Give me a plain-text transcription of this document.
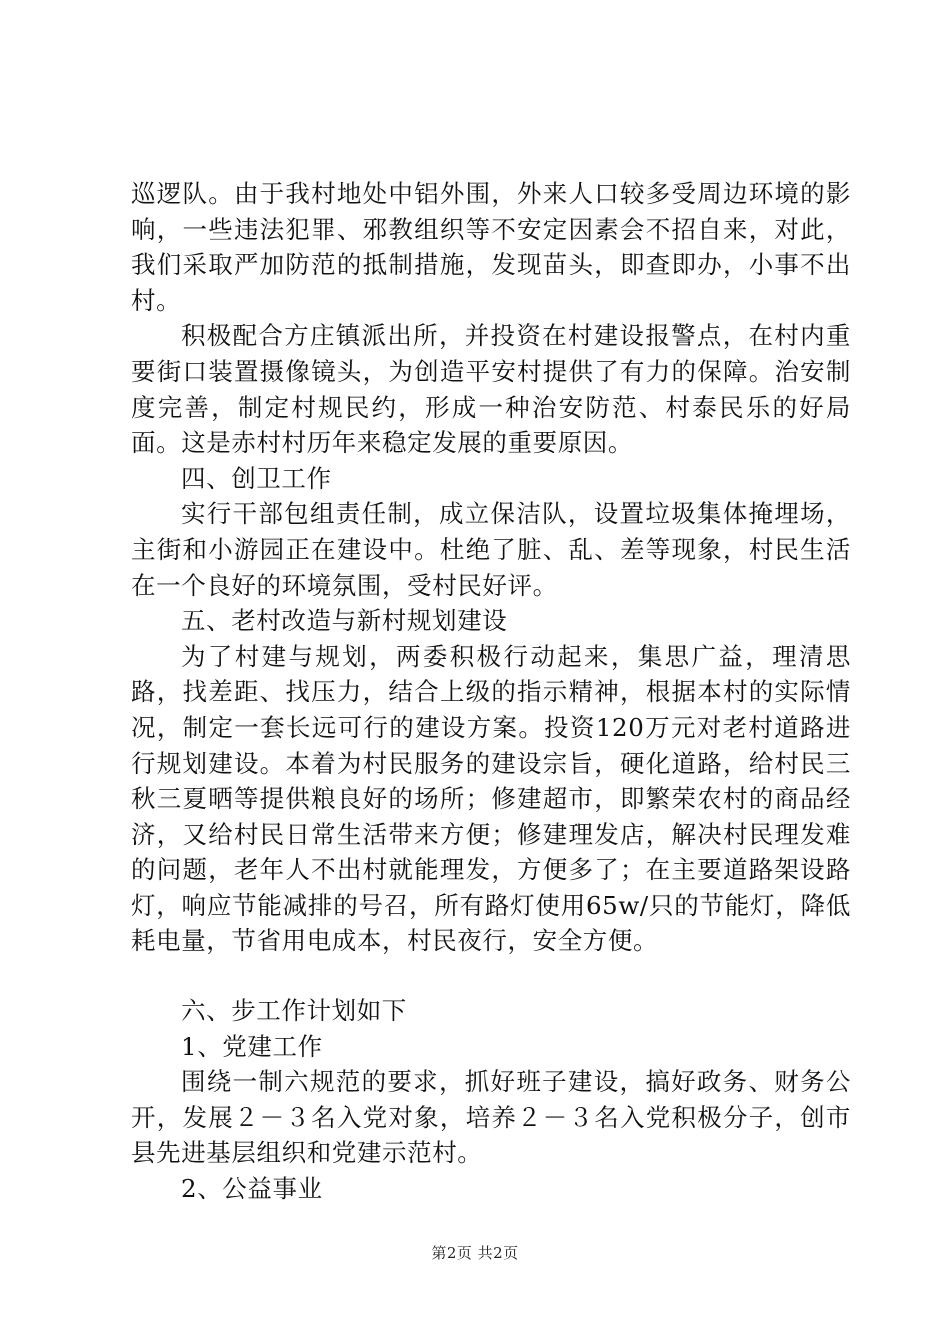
巡逻队。由于我村地处中铝外围，外来人口较多受周边环境的影响，一些违法犯罪、邪教组织等不安定因素会不招自来，对此，我们采取严加防范的抵制措施，发现苗头，即查即办，小事不出村。

积极配合方庄镇派出所，并投资在村建设报警点，在村内重要街口装置摄像镜头，为创造平安村提供了有力的保障。治安制度完善，制定村规民约，形成一种治安防范、村泰民乐的好局面。这是赤村村历年来稳定发展的重要原因。

四、创卫工作

实行干部包组责任制，成立保洁队，设置垃圾集体掩埋场，主街和小游园正在建设中。杜绝了脏、乱、差等现象，村民生活在一个良好的环境氛围，受村民好评。

五、老村改造与新村规划建设

为了村建与规划，两委积极行动起来，集思广益，理清思路，找差距、找压力，结合上级的指示精神，根据本村的实际情况，制定一套长远可行的建设方案。投资120万元对老村道路进行规划建设。本着为村民服务的建设宗旨，硬化道路，给村民三秋三夏晒等提供粮良好的场所；修建超市，即繁荣农村的商品经济，又给村民日常生活带来方便；修建理发店，解决村民理发难的问题，老年人不出村就能理发，方便多了；在主要道路架设路灯，响应节能减排的号召，所有路灯使用65w/只的节能灯，降低耗电量，节省用电成本，村民夜行，安全方便。

六、步工作计划如下

1、党建工作

围绕一制六规范的要求，抓好班子建设，搞好政务、财务公开，发展２－３名入党对象，培养２－３名入党积极分子，创市县先进基层组织和党建示范村。

2、公益事业

第2页 共2页
